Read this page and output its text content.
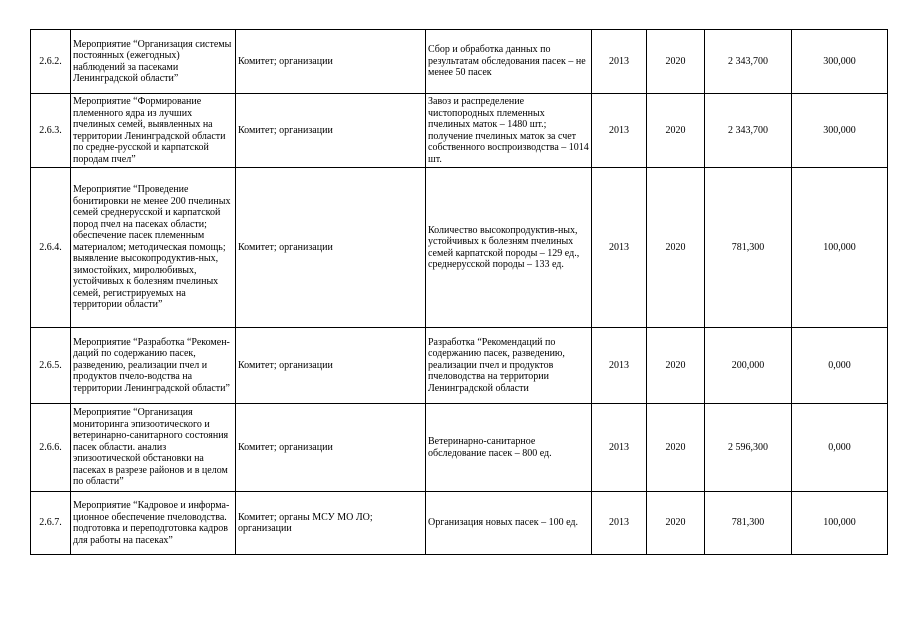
2.6.2.	Мероприятие “Организация системы постоянных (ежегодных) наблюдений за пасеками Ленинградской области”	Комитет; организации	Сбор и обработка данных по результатам обследования пасек – не менее 50 пасек	2013	2020	2 343,700	300,000
2.6.3.	Мероприятие “Формирование племенного ядра из лучших пчелиных семей, выявленных на территории Ленинградской области по средне-русской и карпатской породам пчел”	Комитет; организации	Завоз и распределение чистопородных племенных пчелиных маток – 1480 шт.; получение пчелиных маток за счет собственного воспроизводства – 1014 шт.	2013	2020	2 343,700	300,000
2.6.4.	Мероприятие “Проведение бонитировки не менее 200 пчелиных семей среднерусской и карпатской пород пчел на пасеках области; обеспечение пасек племенным материалом; методическая помощь; выявление высокопродуктив-ных, зимостойких, миролюбивых, устойчивых к болезням пчелиных семей, регистрируемых на территории области”	Комитет; организации	Количество высокопродуктив-ных, устойчивых к болезням пчелиных семей карпатской породы – 129 ед., среднерусской породы – 133 ед.	2013	2020	781,300	100,000
2.6.5.	Мероприятие “Разработка “Рекомен-даций по содержанию пасек, разведению, реализации пчел и продуктов пчело-водства на территории Ленинградской области”	Комитет; организации	Разработка “Рекомендаций по содержанию пасек, разведению, реализации пчел и продуктов пчеловодства на территории Ленинградской области	2013	2020	200,000	0,000
2.6.6.	Мероприятие “Организация мониторинга эпизоотического и ветеринарно-санитарного состояния пасек области. анализ эпизоотической обстановки на пасеках в разрезе районов и в целом по области”	Комитет; организации	Ветеринарно-санитарное обследование пасек – 800 ед.	2013	2020	2 596,300	0,000
2.6.7.	Мероприятие “Кадровое и информа-ционное обеспечение пчеловодства. подготовка и переподготовка кадров для работы на пасеках”	Комитет; органы МСУ МО ЛО; организации	Организация новых пасек – 100 ед.	2013	2020	781,300	100,000
